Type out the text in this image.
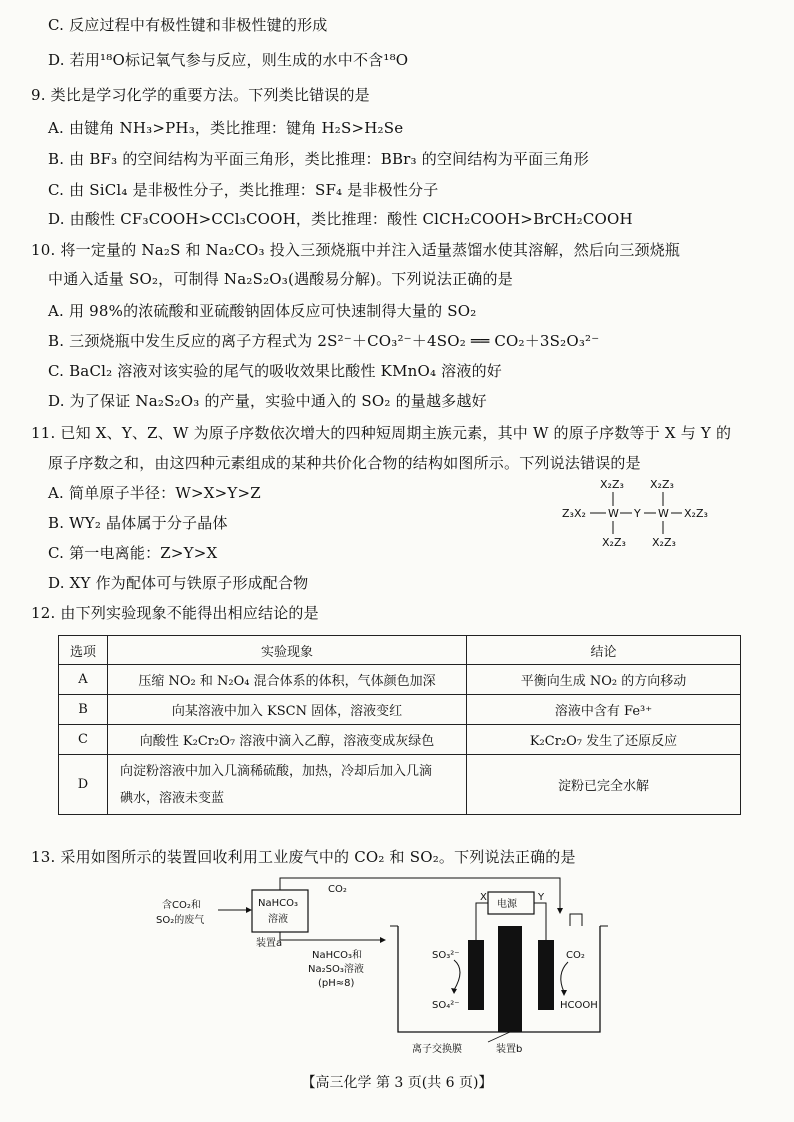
C. 反应过程中有极性键和非极性键的形成
D. 若用¹⁸O标记氧气参与反应，则生成的水中不含¹⁸O
9. 类比是学习化学的重要方法。下列类比错误的是
A. 由键角 NH₃>PH₃，类比推理：键角 H₂S>H₂Se
B. 由 BF₃ 的空间结构为平面三角形，类比推理：BBr₃ 的空间结构为平面三角形
C. 由 SiCl₄ 是非极性分子，类比推理：SF₄ 是非极性分子
D. 由酸性 CF₃COOH>CCl₃COOH，类比推理：酸性 ClCH₂COOH>BrCH₂COOH
10. 将一定量的 Na₂S 和 Na₂CO₃ 投入三颈烧瓶中并注入适量蒸馏水使其溶解，然后向三颈烧瓶
中通入适量 SO₂，可制得 Na₂S₂O₃(遇酸易分解)。下列说法正确的是
A. 用 98%的浓硫酸和亚硫酸钠固体反应可快速制得大量的 SO₂
B. 三颈烧瓶中发生反应的离子方程式为 2S²⁻＋CO₃²⁻＋4SO₂ ══ CO₂＋3S₂O₃²⁻
C. BaCl₂ 溶液对该实验的尾气的吸收效果比酸性 KMnO₄ 溶液的好
D. 为了保证 Na₂S₂O₃ 的产量，实验中通入的 SO₂ 的量越多越好
11. 已知 X、Y、Z、W 为原子序数依次增大的四种短周期主族元素，其中 W 的原子序数等于 X 与 Y 的
原子序数之和，由这四种元素组成的某种共价化合物的结构如图所示。下列说法错误的是
A. 简单原子半径：W>X>Y>Z
B. WY₂ 晶体属于分子晶体
C. 第一电离能：Z>Y>X
D. XY 作为配体可与铁原子形成配合物
X₂Z₃ X₂Z₃
Z₃X₂ W Y W X₂Z₃
X₂Z₃ X₂Z₃
12. 由下列实验现象不能得出相应结论的是
选项	实验现象	结论
A	压缩 NO₂ 和 N₂O₄ 混合体系的体积，气体颜色加深	平衡向生成 NO₂ 的方向移动
B	向某溶液中加入 KSCN 固体，溶液变红	溶液中含有 Fe³⁺
C	向酸性 K₂Cr₂O₇ 溶液中滴入乙醇，溶液变成灰绿色	K₂Cr₂O₇ 发生了还原反应
D	向淀粉溶液中加入几滴稀硫酸，加热，冷却后加入几滴
碘水，溶液未变蓝	淀粉已完全水解
13. 采用如图所示的装置回收利用工业废气中的 CO₂ 和 SO₂。下列说法正确的是
含CO₂和
SO₂的废气
NaHCO₃
溶液
装置a
CO₂
NaHCO₃和
Na₂SO₃溶液
(pH≈8)
电源
X	Y
SO₃²⁻
SO₄²⁻
CO₂
HCOOH
离子交换膜	装置b
【高三化学 第 3 页(共 6 页)】
